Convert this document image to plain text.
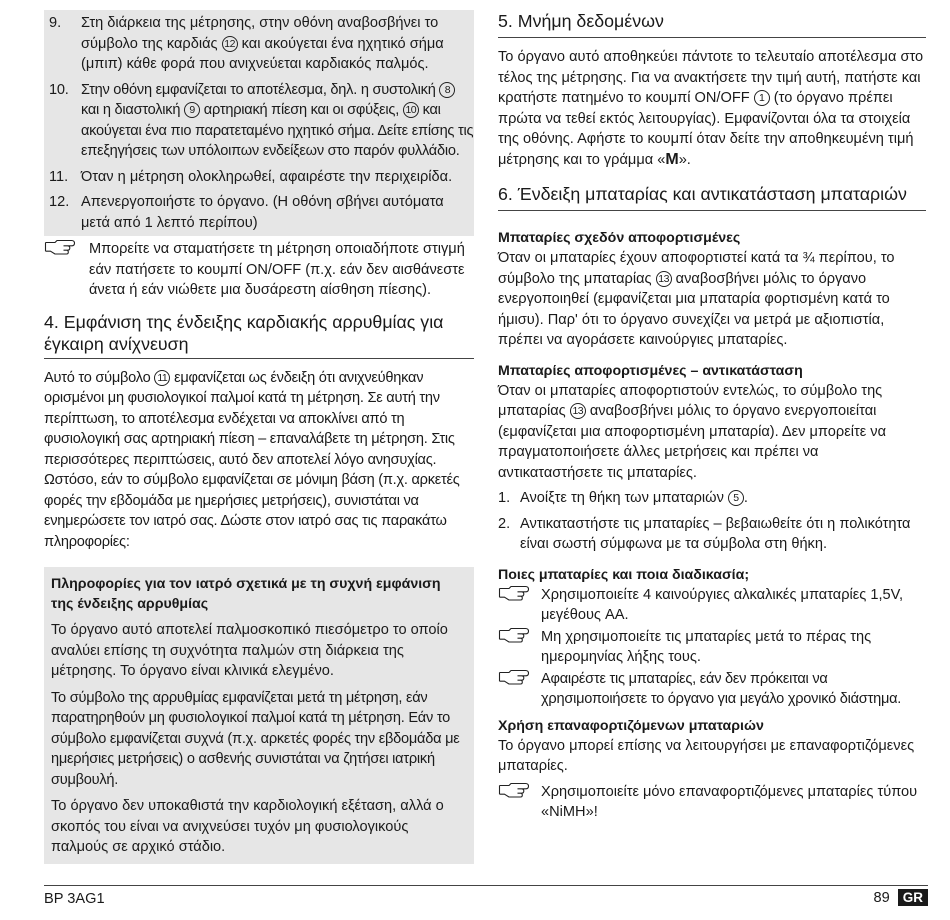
9. Στη διάρκεια της μέτρησης, στην οθόνη αναβοσβήνει το σύμβολο της καρδιάς 12 και ακούγεται ένα ηχητικό σήμα (μπιπ) κάθε φορά που ανιχνεύεται καρδιακός παλμός.

10. Στην οθόνη εμφανίζεται το αποτέλεσμα, δηλ. η συστολική 8 και η διαστολική 9 αρτηριακή πίεση και οι σφύξεις, 10 και ακούγεται ένα πιο παρατεταμένο ηχητικό σήμα. Δείτε επίσης τις επεξηγήσεις των υπόλοιπων ενδείξεων στο παρόν φυλλάδιο.

11. Όταν η μέτρηση ολοκληρωθεί, αφαιρέστε την περιχειρίδα.

12. Απενεργοποιήστε το όργανο. (Η οθόνη σβήνει αυτόματα μετά από 1 λεπτό περίπου)

Μπορείτε να σταματήσετε τη μέτρηση οποιαδήποτε στιγμή εάν πατήσετε το κουμπί ON/OFF (π.χ. εάν δεν αισθάνεστε άνετα ή εάν νιώθετε μια δυσάρεστη αίσθηση πίεσης).

4. Εμφάνιση της ένδειξης καρδιακής αρρυθμίας για έγκαιρη ανίχνευση

Αυτό το σύμβολο 11 εμφανίζεται ως ένδειξη ότι ανιχνεύθηκαν ορισμένοι μη φυσιολογικοί παλμοί κατά τη μέτρηση. Σε αυτή την περίπτωση, το αποτέλεσμα ενδέχεται να αποκλίνει από τη φυσιολογική σας αρτηριακή πίεση – επαναλάβετε τη μέτρηση. Στις περισσότερες περιπτώσεις, αυτό δεν αποτελεί λόγο ανησυχίας. Ωστόσο, εάν το σύμβολο εμφανίζεται σε μόνιμη βάση (π.χ. αρκετές φορές την εβδομάδα με ημερήσιες μετρήσεις), συνιστάται να ενημερώσετε τον ιατρό σας. Δώστε στον ιατρό σας τις παρακάτω πληροφορίες:

Πληροφορίες για τον ιατρό σχετικά με τη συχνή εμφάνιση της ένδειξης αρρυθμίας

Το όργανο αυτό αποτελεί παλμοσκοπικό πιεσόμετρο το οποίο αναλύει επίσης τη συχνότητα παλμών στη διάρκεια της μέτρησης. Το όργανο είναι κλινικά ελεγμένο.

Το σύμβολο της αρρυθμίας εμφανίζεται μετά τη μέτρηση, εάν παρατηρηθούν μη φυσιολογικοί παλμοί κατά τη μέτρηση. Εάν το σύμβολο εμφανίζεται συχνά (π.χ. αρκετές φορές την εβδομάδα με ημερήσιες μετρήσεις) ο ασθενής συνιστάται να ζητήσει ιατρική συμβουλή.

Το όργανο δεν υποκαθιστά την καρδιολογική εξέταση, αλλά ο σκοπός του είναι να ανιχνεύσει τυχόν μη φυσιολογικούς παλμούς σε αρχικό στάδιο.

5. Μνήμη δεδομένων

Το όργανο αυτό αποθηκεύει πάντοτε το τελευταίο αποτέλεσμα στο τέλος της μέτρησης. Για να ανακτήσετε την τιμή αυτή, πατήστε και κρατήστε πατημένο το κουμπί ON/OFF 1 (το όργανο πρέπει πρώτα να τεθεί εκτός λειτουργίας). Εμφανίζονται όλα τα στοιχεία της οθόνης. Αφήστε το κουμπί όταν δείτε την αποθηκευμένη τιμή μέτρησης και το γράμμα «M».

6. Ένδειξη μπαταρίας και αντικατάσταση μπαταριών
Μπαταρίες σχεδόν αποφορτισμένες

Όταν οι μπαταρίες έχουν αποφορτιστεί κατά τα ¾ περίπου, το σύμβολο της μπαταρίας 13 αναβοσβήνει μόλις το όργανο ενεργοποιηθεί (εμφανίζεται μια μπαταρία φορτισμένη κατά το ήμισυ). Παρ' ότι το όργανο συνεχίζει να μετρά με αξιοπιστία, πρέπει να αγοράσετε καινούργιες μπαταρίες.

Μπαταρίες αποφορτισμένες – αντικατάσταση

Όταν οι μπαταρίες αποφορτιστούν εντελώς, το σύμβολο της μπαταρίας 13 αναβοσβήνει μόλις το όργανο ενεργοποιείται (εμφανίζεται μια αποφορτισμένη μπαταρία). Δεν μπορείτε να πραγματοποιήσετε άλλες μετρήσεις και πρέπει να αντικαταστήσετε τις μπαταρίες.

1. Ανοίξτε τη θήκη των μπαταριών 5 .

2. Αντικαταστήστε τις μπαταρίες – βεβαιωθείτε ότι η πολικότητα είναι σωστή σύμφωνα με τα σύμβολα στη θήκη.

Ποιες μπαταρίες και ποια διαδικασία;

Χρησιμοποιείτε 4 καινούργιες αλκαλικές μπαταρίες 1,5V, μεγέθους AA.

Μη χρησιμοποιείτε τις μπαταρίες μετά το πέρας της ημερομηνίας λήξης τους.

Αφαιρέστε τις μπαταρίες, εάν δεν πρόκειται να χρησιμοποιήσετε το όργανο για μεγάλο χρονικό διάστημα.

Χρήση επαναφορτιζόμενων μπαταριών

Το όργανο μπορεί επίσης να λειτουργήσει με επαναφορτιζόμενες μπαταρίες.

Χρησιμοποιείτε μόνο επαναφορτιζόμενες μπαταρίες τύπου «NiMH»!

BP 3AG1	89 GR
